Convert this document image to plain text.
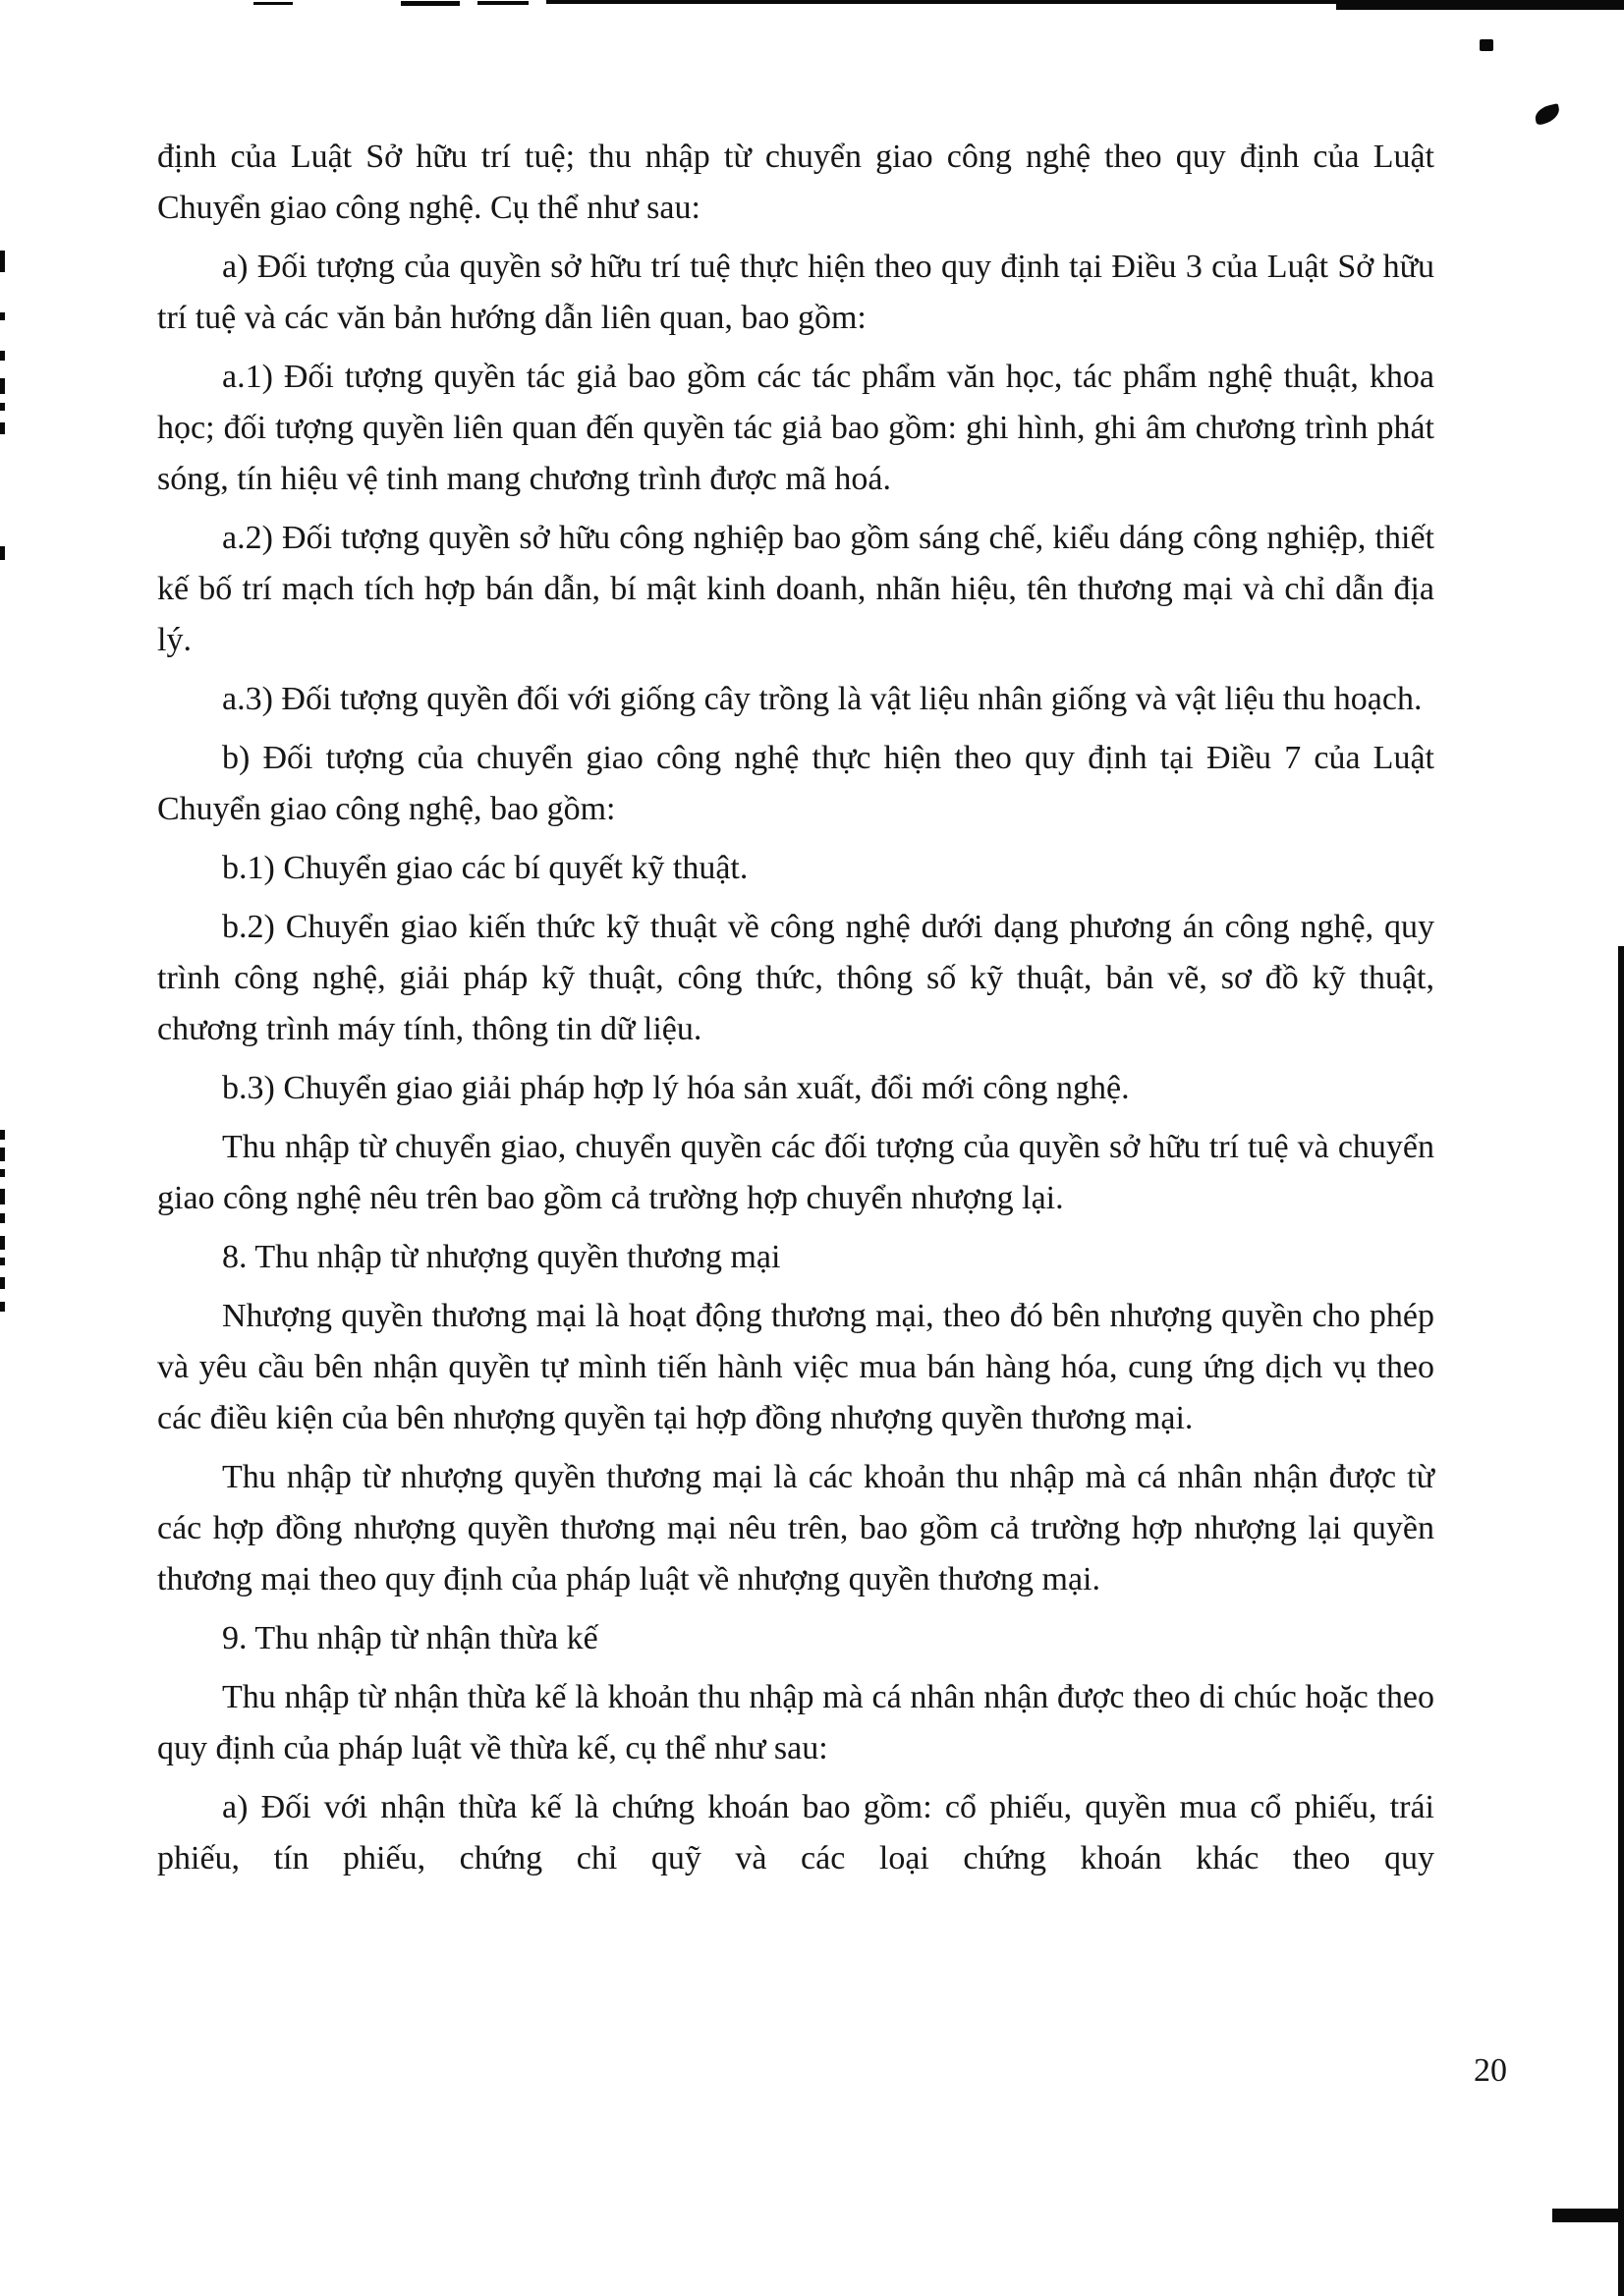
định của Luật Sở hữu trí tuệ; thu nhập từ chuyển giao công nghệ theo quy định của Luật Chuyển giao công nghệ. Cụ thể như sau:

a) Đối tượng của quyền sở hữu trí tuệ thực hiện theo quy định tại Điều 3 của Luật Sở hữu trí tuệ và các văn bản hướng dẫn liên quan, bao gồm:

a.1) Đối tượng quyền tác giả bao gồm các tác phẩm văn học, tác phẩm nghệ thuật, khoa học; đối tượng quyền liên quan đến quyền tác giả bao gồm: ghi hình, ghi âm chương trình phát sóng, tín hiệu vệ tinh mang chương trình được mã hoá.

a.2) Đối tượng quyền sở hữu công nghiệp bao gồm sáng chế, kiểu dáng công nghiệp, thiết kế bố trí mạch tích hợp bán dẫn, bí mật kinh doanh, nhãn hiệu, tên thương mại và chỉ dẫn địa lý.

a.3) Đối tượng quyền đối với giống cây trồng là vật liệu nhân giống và vật liệu thu hoạch.

b) Đối tượng của chuyển giao công nghệ thực hiện theo quy định tại Điều 7 của Luật Chuyển giao công nghệ, bao gồm:

b.1) Chuyển giao các bí quyết kỹ thuật.

b.2) Chuyển giao kiến thức kỹ thuật về công nghệ dưới dạng phương án công nghệ, quy trình công nghệ, giải pháp kỹ thuật, công thức, thông số kỹ thuật, bản vẽ, sơ đồ kỹ thuật, chương trình máy tính, thông tin dữ liệu.

b.3) Chuyển giao giải pháp hợp lý hóa sản xuất, đổi mới công nghệ.

Thu nhập từ chuyển giao, chuyển quyền các đối tượng của quyền sở hữu trí tuệ và chuyển giao công nghệ nêu trên bao gồm cả trường hợp chuyển nhượng lại.

8. Thu nhập từ nhượng quyền thương mại

Nhượng quyền thương mại là hoạt động thương mại, theo đó bên nhượng quyền cho phép và yêu cầu bên nhận quyền tự mình tiến hành việc mua bán hàng hóa, cung ứng dịch vụ theo các điều kiện của bên nhượng quyền tại hợp đồng nhượng quyền thương mại.

Thu nhập từ nhượng quyền thương mại là các khoản thu nhập mà cá nhân nhận được từ các hợp đồng nhượng quyền thương mại nêu trên, bao gồm cả trường hợp nhượng lại quyền thương mại theo quy định của pháp luật về nhượng quyền thương mại.

9. Thu nhập từ nhận thừa kế

Thu nhập từ nhận thừa kế là khoản thu nhập mà cá nhân nhận được theo di chúc hoặc theo quy định của pháp luật về thừa kế, cụ thể như sau:

a) Đối với nhận thừa kế là chứng khoán bao gồm: cổ phiếu, quyền mua cổ phiếu, trái phiếu, tín phiếu, chứng chỉ quỹ và các loại chứng khoán khác theo quy

20
